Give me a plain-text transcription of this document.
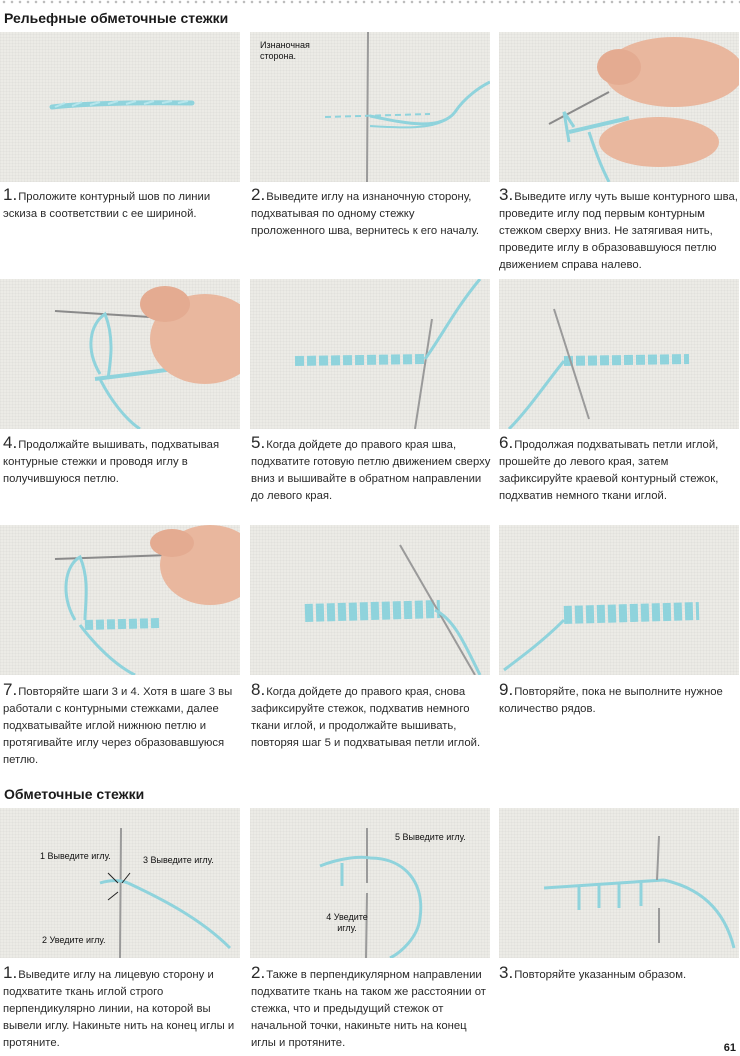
Рельефные обметочные стежки
Изнаночная сторона.
1.Проложите контурный шов по линии эскиза в соответствии с ее шириной.
2.Выведите иглу на изнаночную сторону, подхватывая по одному стежку проложенного шва, вернитесь к его началу.
3.Выведите иглу чуть выше контурного шва, проведите иглу под первым контурным стежком сверху вниз. Не затягивая нить, проведите иглу в образовавшуюся петлю движением справа налево.
4.Продолжайте вышивать, подхватывая контурные стежки и проводя иглу в получившуюся петлю.
5.Когда дойдете до правого края шва, подхватите готовую петлю движением сверху вниз и вышивайте в обратном направлении до левого края.
6.Продолжая подхватывать петли иглой, прошейте до левого края, затем зафиксируйте краевой контурный стежок, подхватив немного ткани иглой.
7.Повторяйте шаги 3 и 4. Хотя в шаге 3 вы работали с контурными стежками, далее подхватывайте иглой нижнюю петлю и протягивайте иглу через образовавшуюся петлю.
8.Когда дойдете до правого края, снова зафиксируйте стежок, подхватив немного ткани иглой, и продолжайте вышивать, повторяя шаг 5 и подхватывая петли иглой.
9.Повторяйте, пока не выполните нужное количество рядов.
Обметочные стежки
1 Выведите иглу.	3 Выведите иглу.
2 Уведите иглу.
5 Выведите иглу.
4 Уведите
иглу.
1.Выведите иглу на лицевую сторону и подхватите ткань иглой строго перпендикулярно линии, на которой вы вывели иглу. Накиньте нить на конец иглы и протяните.
2.Также в перпендикулярном направлении подхватите ткань на таком же расстоянии от стежка, что и предыдущий стежок от начальной точки, накиньте нить на конец иглы и протяните.
3.Повторяйте указанным образом.
61
